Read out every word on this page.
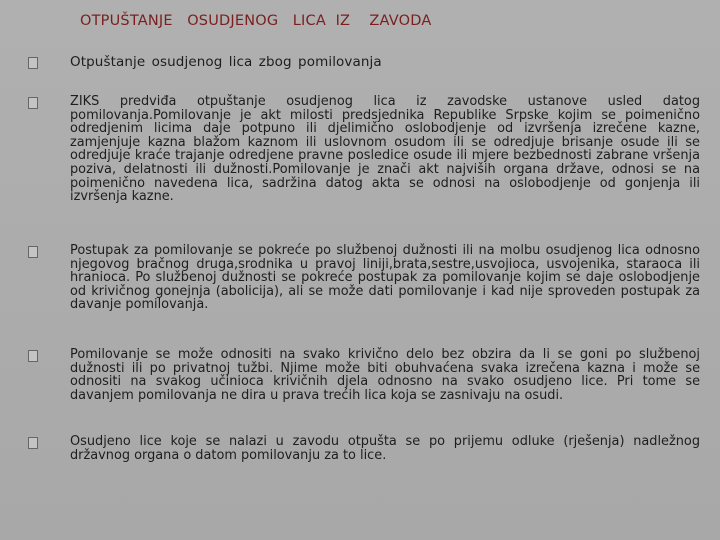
OTPUŠTANJE   OSUDJENOG   LICA  IZ    ZAVODA
Otpuštanje osudjenog lica zbog pomilovanja
ZIKS predviđa otpuštanje osudjenog lica iz zavodske ustanove usled datog pomilovanja.Pomilovanje je akt milosti predsjednika Republike Srpske kojim se poimenično odredjenim licima daje potpuno ili djelimično oslobodjenje od izvršenja izrečene kazne, zamjenjuje kazna blažom kaznom ili uslovnom osudom ili se odredjuje brisanje osude ili se odredjuje kraće trajanje odredjene pravne posledice osude ili mjere bezbednosti zabrane vršenja poziva, delatnosti ili dužnosti.Pomilovanje je znači akt najviših organa države, odnosi se na poimenično navedena lica, sadržina datog akta se odnosi na oslobodjenje od gonjenja ili izvršenja kazne.
Postupak za pomilovanje se pokreće po službenoj dužnosti ili na molbu osudjenog lica odnosno njegovog bračnog druga,srodnika u pravoj liniji,brata,sestre,usvojioca, usvojenika, staraoca ili hranioca. Po službenoj dužnosti se pokreće postupak za pomilovanje kojim se daje oslobodjenje od krivičnog gonejnja (abolicija), ali se može dati pomilovanje i kad nije sproveden postupak za davanje pomilovanja.
Pomilovanje se može odnositi na svako krivično delo bez obzira da li se goni po službenoj dužnosti ili po privatnoj tužbi. Njime može biti obuhvaćena svaka izrečena kazna i može se odnositi na svakog učinioca krivičnih djela odnosno na svako osudjeno lice. Pri tome se davanjem pomilovanja ne dira u prava trećih lica koja se zasnivaju na osudi.
Osudjeno lice koje se nalazi u zavodu otpušta se po prijemu odluke (rješenja) nadležnog državnog organa o datom pomilovanju za to lice.
